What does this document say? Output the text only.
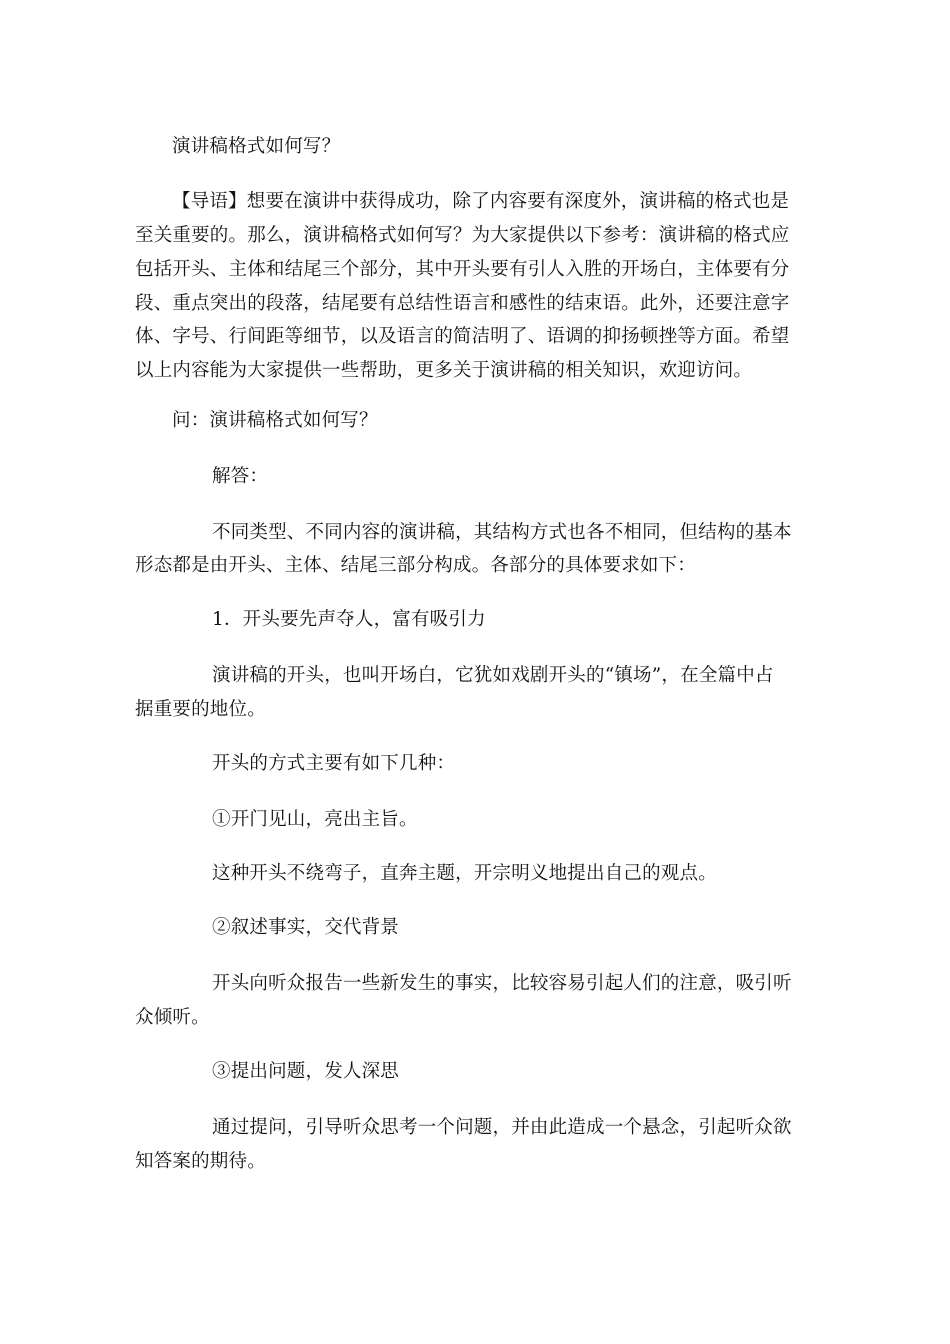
演讲稿格式如何写？
【导语】想要在演讲中获得成功，除了内容要有深度外，演讲稿的格式也是
至关重要的。那么，演讲稿格式如何写？为大家提供以下参考：演讲稿的格式应
包括开头、主体和结尾三个部分，其中开头要有引人入胜的开场白，主体要有分
段、重点突出的段落，结尾要有总结性语言和感性的结束语。此外，还要注意字
体、字号、行间距等细节，以及语言的简洁明了、语调的抑扬顿挫等方面。希望
以上内容能为大家提供一些帮助，更多关于演讲稿的相关知识，欢迎访问。
问：演讲稿格式如何写？
解答：
不同类型、不同内容的演讲稿，其结构方式也各不相同，但结构的基本
形态都是由开头、主体、结尾三部分构成。各部分的具体要求如下：
1．开头要先声夺人，富有吸引力
演讲稿的开头，也叫开场白，它犹如戏剧开头的“镇场”，在全篇中占
据重要的地位。
开头的方式主要有如下几种：
①开门见山，亮出主旨。
这种开头不绕弯子，直奔主题，开宗明义地提出自己的观点。
②叙述事实，交代背景
开头向听众报告一些新发生的事实，比较容易引起人们的注意，吸引听
众倾听。
③提出问题，发人深思
通过提问，引导听众思考一个问题，并由此造成一个悬念，引起听众欲
知答案的期待。
